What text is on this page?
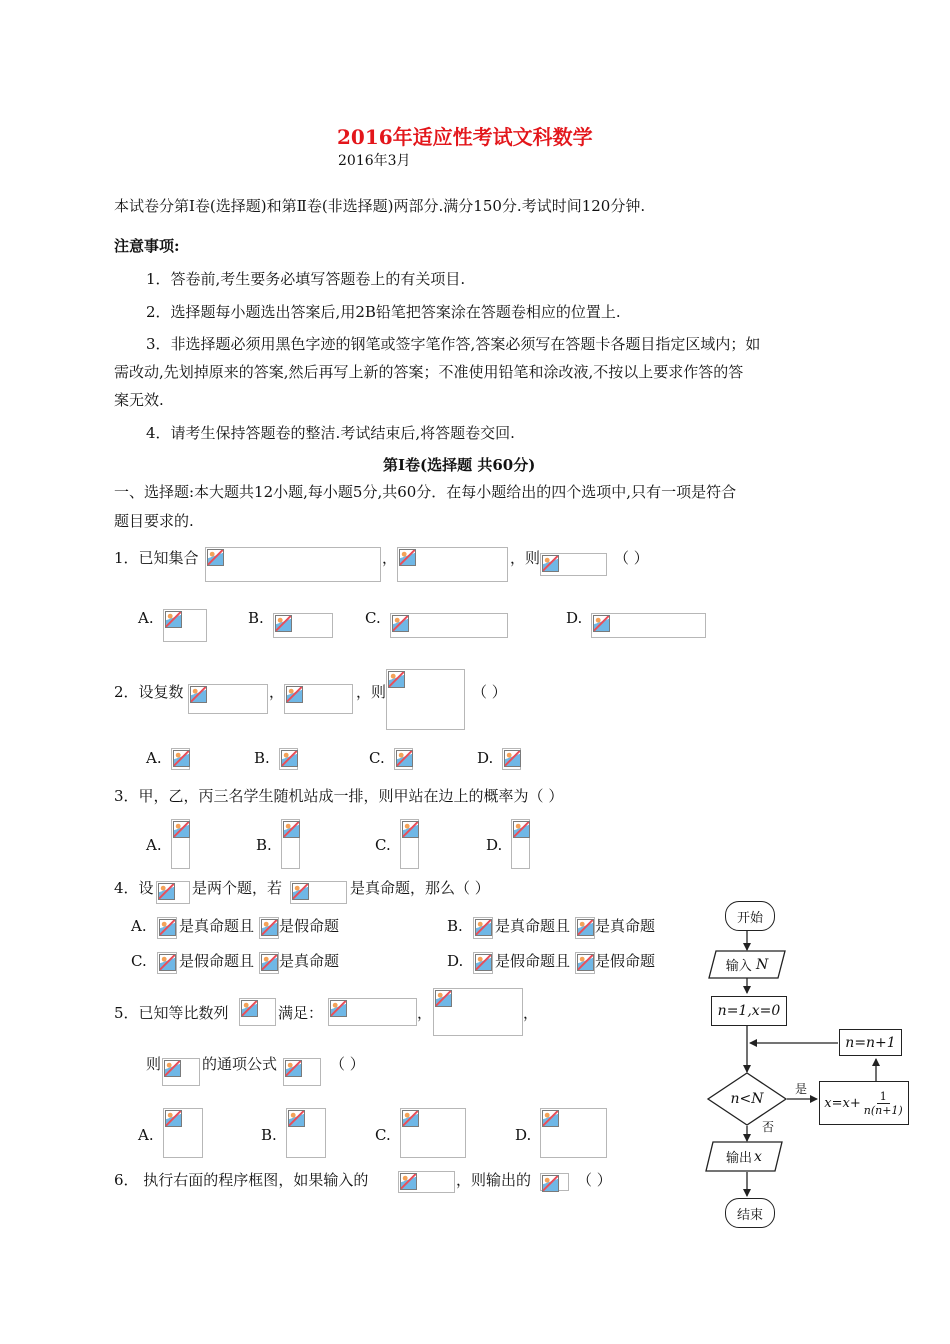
2016年适应性考试文科数学
2016年3月
本试卷分第Ⅰ卷(选择题)和第Ⅱ卷(非选择题)两部分.满分150分.考试时间120分钟.
注意事项:
1．答卷前,考生要务必填写答题卷上的有关项目.
2．选择题每小题选出答案后,用2B铅笔把答案涂在答题卷相应的位置上.
3．非选择题必须用黑色字迹的钢笔或签字笔作答,答案必须写在答题卡各题目指定区域内；如
需改动,先划掉原来的答案,然后再写上新的答案；不准使用铅笔和涂改液,不按以上要求作答的答
案无效.
4．请考生保持答题卷的整洁.考试结束后,将答题卷交回.
第Ⅰ卷(选择题 共60分)
一、选择题:本大题共12小题,每小题5分,共60分．在每小题给出的四个选项中,只有一项是符合
题目要求的.
1．已知集合	，	，则	（ ）
A.	B.	C.	D.
2．设复数	，	，则	（ ）
A.	B.	C.	D.
3．甲，乙，丙三名学生随机站成一排，则甲站在边上的概率为（ ）
A.	B.	C.	D.
4．设	是两个题，若	是真命题，那么（ ）
A. 是真命题且 是假命题	B. 是真命题且 是真命题
C. 是假命题且 是真命题	D. 是假命题且 是假命题
5．已知等比数列	满足：	，	，
则	的通项公式	（ ）
A.	B.	C.	D.
6． 执行右面的程序框图，如果输入的	，则输出的	（ ）
开始
输入
N
n=1,x=0
n=n+1
n<N
是
否
$x=x+ \frac{1}{n(n+1)}$
输出 x
结束
